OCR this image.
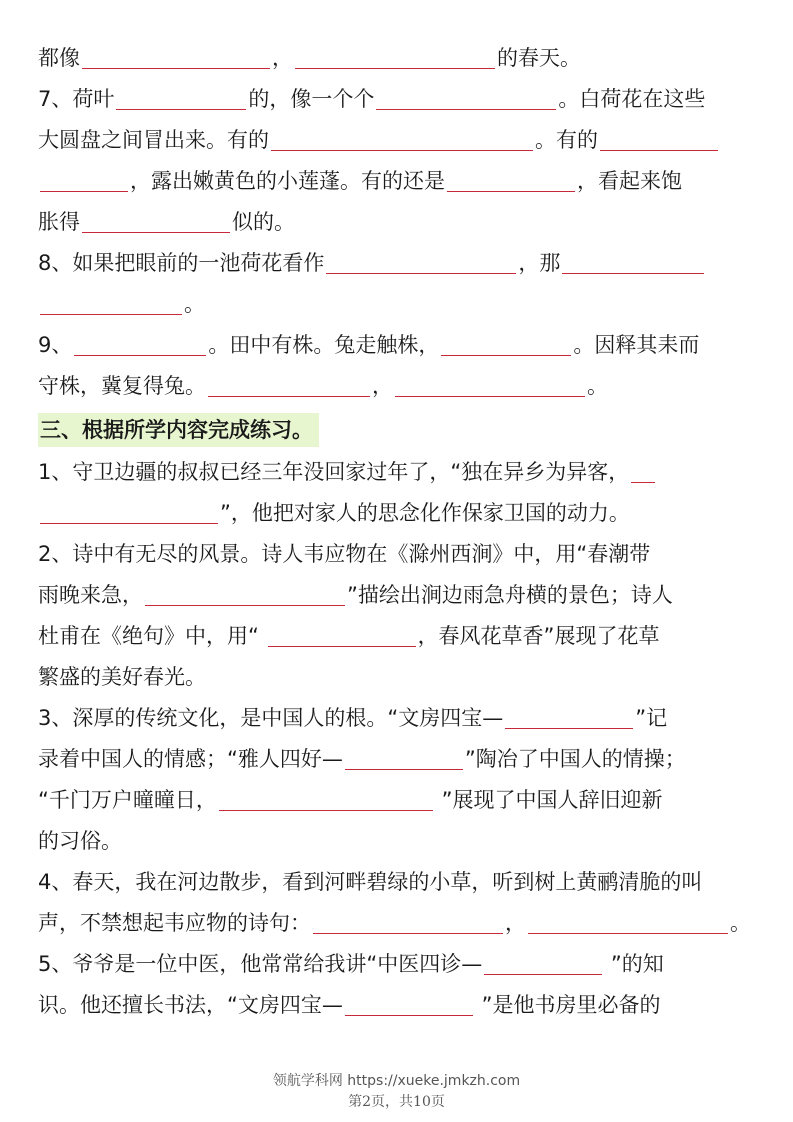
都像	，	的春天。
7、荷叶	的，像一个个	。白荷花在这些
大圆盘之间冒出来。有的	。有的
，露出嫩黄色的小莲蓬。有的还是	，看起来饱
胀得	似的。
8、如果把眼前的一池荷花看作	，那
。
9、	。田中有株。兔走触株，	。因释其耒而
守株，冀复得兔。	，	。
三、根据所学内容完成练习。
1、守卫边疆的叔叔已经三年没回家过年了，“独在异乡为异客，
”，他把对家人的思念化作保家卫国的动力。
2、诗中有无尽的风景。诗人韦应物在《滁州西涧》中，用“春潮带
雨晚来急，	”描绘出涧边雨急舟横的景色；诗人
杜甫在《绝句》中，用“	，春风花草香”展现了花草
繁盛的美好春光。
3、深厚的传统文化，是中国人的根。“文房四宝—	”记
录着中国人的情感；“雅人四好—	”陶冶了中国人的情操；
“千门万户曈曈日，	”展现了中国人辞旧迎新
的习俗。
4、春天，我在河边散步，看到河畔碧绿的小草，听到树上黄鹂清脆的叫
声，不禁想起韦应物的诗句：	，	。
5、爷爷是一位中医，他常常给我讲“中医四诊—	”的知
识。他还擅长书法，“文房四宝—	”是他书房里必备的
领航学科网 https://xueke.jmkzh.com
第2页，共10页
